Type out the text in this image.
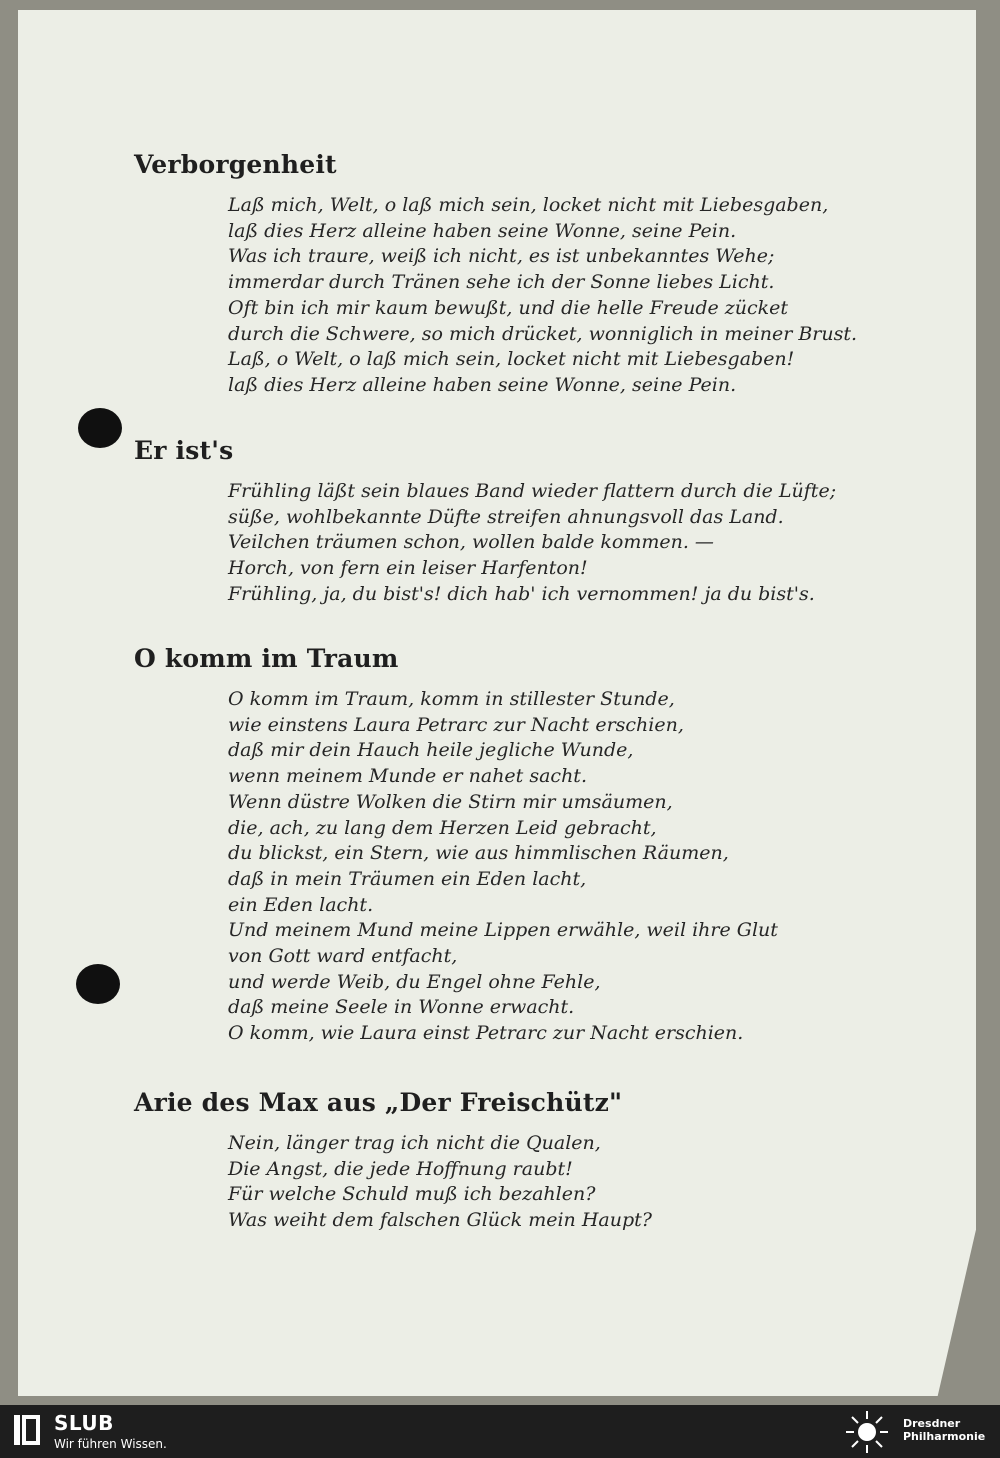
Verborgenheit
Laß mich, Welt, o laß mich sein, locket nicht mit Liebesgaben,
laß dies Herz alleine haben seine Wonne, seine Pein.
Was ich traure, weiß ich nicht, es ist unbekanntes Wehe;
immerdar durch Tränen sehe ich der Sonne liebes Licht.
Oft bin ich mir kaum bewußt, und die helle Freude zücket
durch die Schwere, so mich drücket, wonniglich in meiner Brust.
Laß, o Welt, o laß mich sein, locket nicht mit Liebesgaben!
laß dies Herz alleine haben seine Wonne, seine Pein.
Er ist's
Frühling läßt sein blaues Band wieder flattern durch die Lüfte;
süße, wohlbekannte Düfte streifen ahnungsvoll das Land.
Veilchen träumen schon, wollen balde kommen. —
Horch, von fern ein leiser Harfenton!
Frühling, ja, du bist's! dich hab' ich vernommen! ja du bist's.
O komm im Traum
O komm im Traum, komm in stillester Stunde,
wie einstens Laura Petrarc zur Nacht erschien,
daß mir dein Hauch heile jegliche Wunde,
wenn meinem Munde er nahet sacht.
Wenn düstre Wolken die Stirn mir umsäumen,
die, ach, zu lang dem Herzen Leid gebracht,
du blickst, ein Stern, wie aus himmlischen Räumen,
daß in mein Träumen ein Eden lacht,
ein Eden lacht.
Und meinem Mund meine Lippen erwähle, weil ihre Glut
von Gott ward entfacht,
und werde Weib, du Engel ohne Fehle,
daß meine Seele in Wonne erwacht.
O komm, wie Laura einst Petrarc zur Nacht erschien.
Arie des Max aus „Der Freischütz"
Nein, länger trag ich nicht die Qualen,
Die Angst, die jede Hoffnung raubt!
Für welche Schuld muß ich bezahlen?
Was weiht dem falschen Glück mein Haupt?
SLUB
Wir führen Wissen.
Dresdner
Philharmonie
